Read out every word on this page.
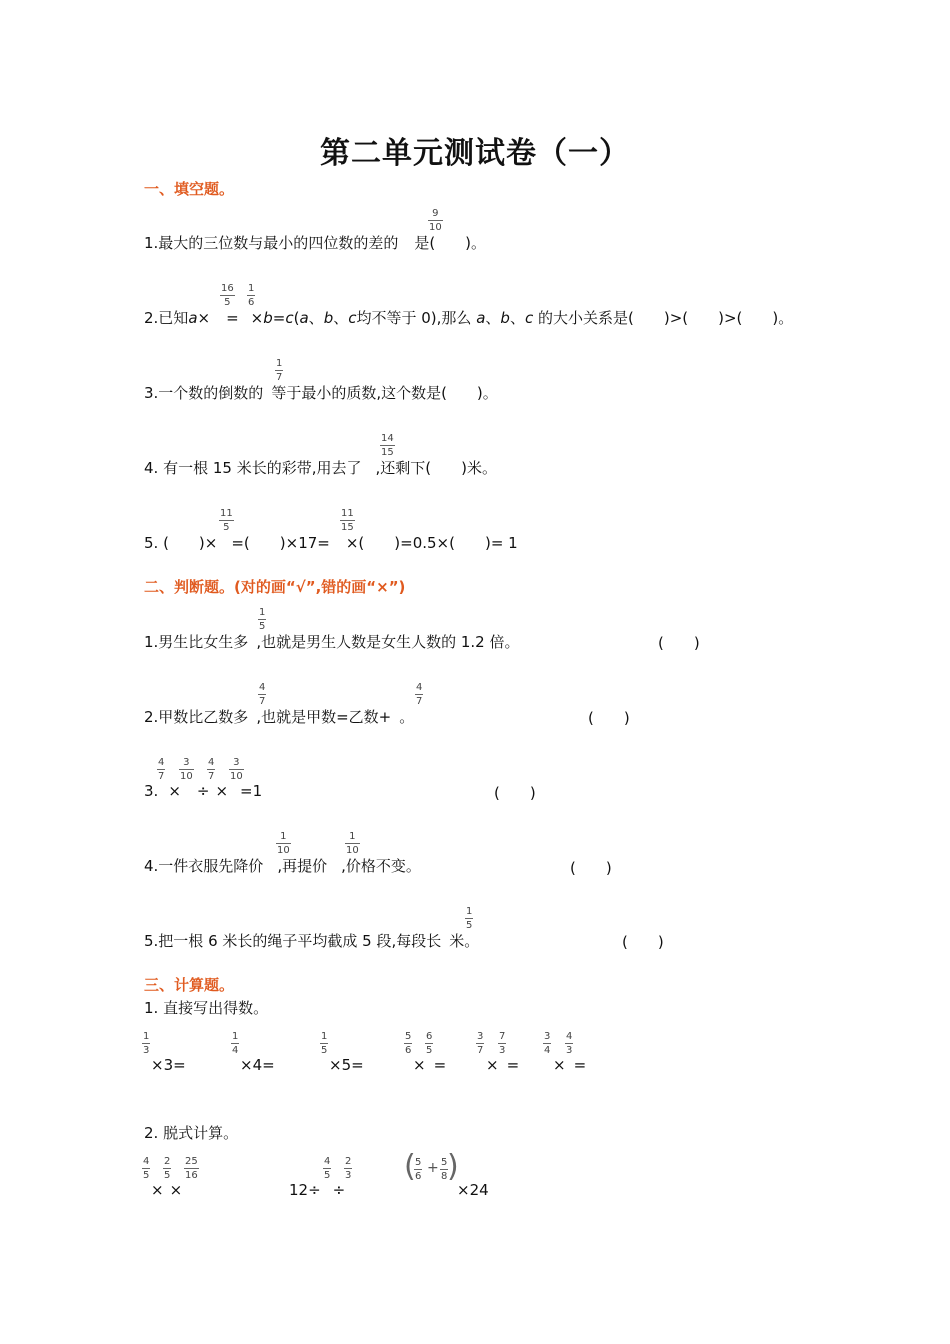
第二单元测试卷（一）
一、填空题。
1.最大的三位数与最小的四位数的差的 是(　　)。
9
10
2.已知a× = ×b=c(a、b、c均不等于 0),那么 a、b、c 的大小关系是(　　)>(　　)>(　　)。
16
5
1
6
3.一个数的倒数的 等于最小的质数,这个数是(　　)。
1
7
4. 有一根 15 米长的彩带,用去了 ,还剩下(　　)米。
14
15
5. (　　)× =(　　)×17= ×(　　)=0.5×(　　)= 1
11
5
11
15
二、判断题。(对的画“√”,错的画“×”)
1.男生比女生多 ,也就是男生人数是女生人数的 1.2 倍。
1
5
(　　)
2.甲数比乙数多 ,也就是甲数=乙数+ 。
4
7
4
7
(　　)
3. × ÷ × =1
4
7
3
10
4
7
3
10
(　　)
4.一件衣服先降价 ,再提价 ,价格不变。
1
10
1
10
(　　)
5.把一根 6 米长的绳子平均截成 5 段,每段长 米。
1
5
(　　)
三、计算题。
1. 直接写出得数。
1
3
×3=
1
4
×4=
1
5
×5=
5
6
6
5
× =
3
7
7
3
× =
3
4
4
3
× =
2. 脱式计算。
4
5
2
5
25
16
× ×	12÷ ÷
4
5
2
3 ( 5
6
+ 5
8 )
×24
